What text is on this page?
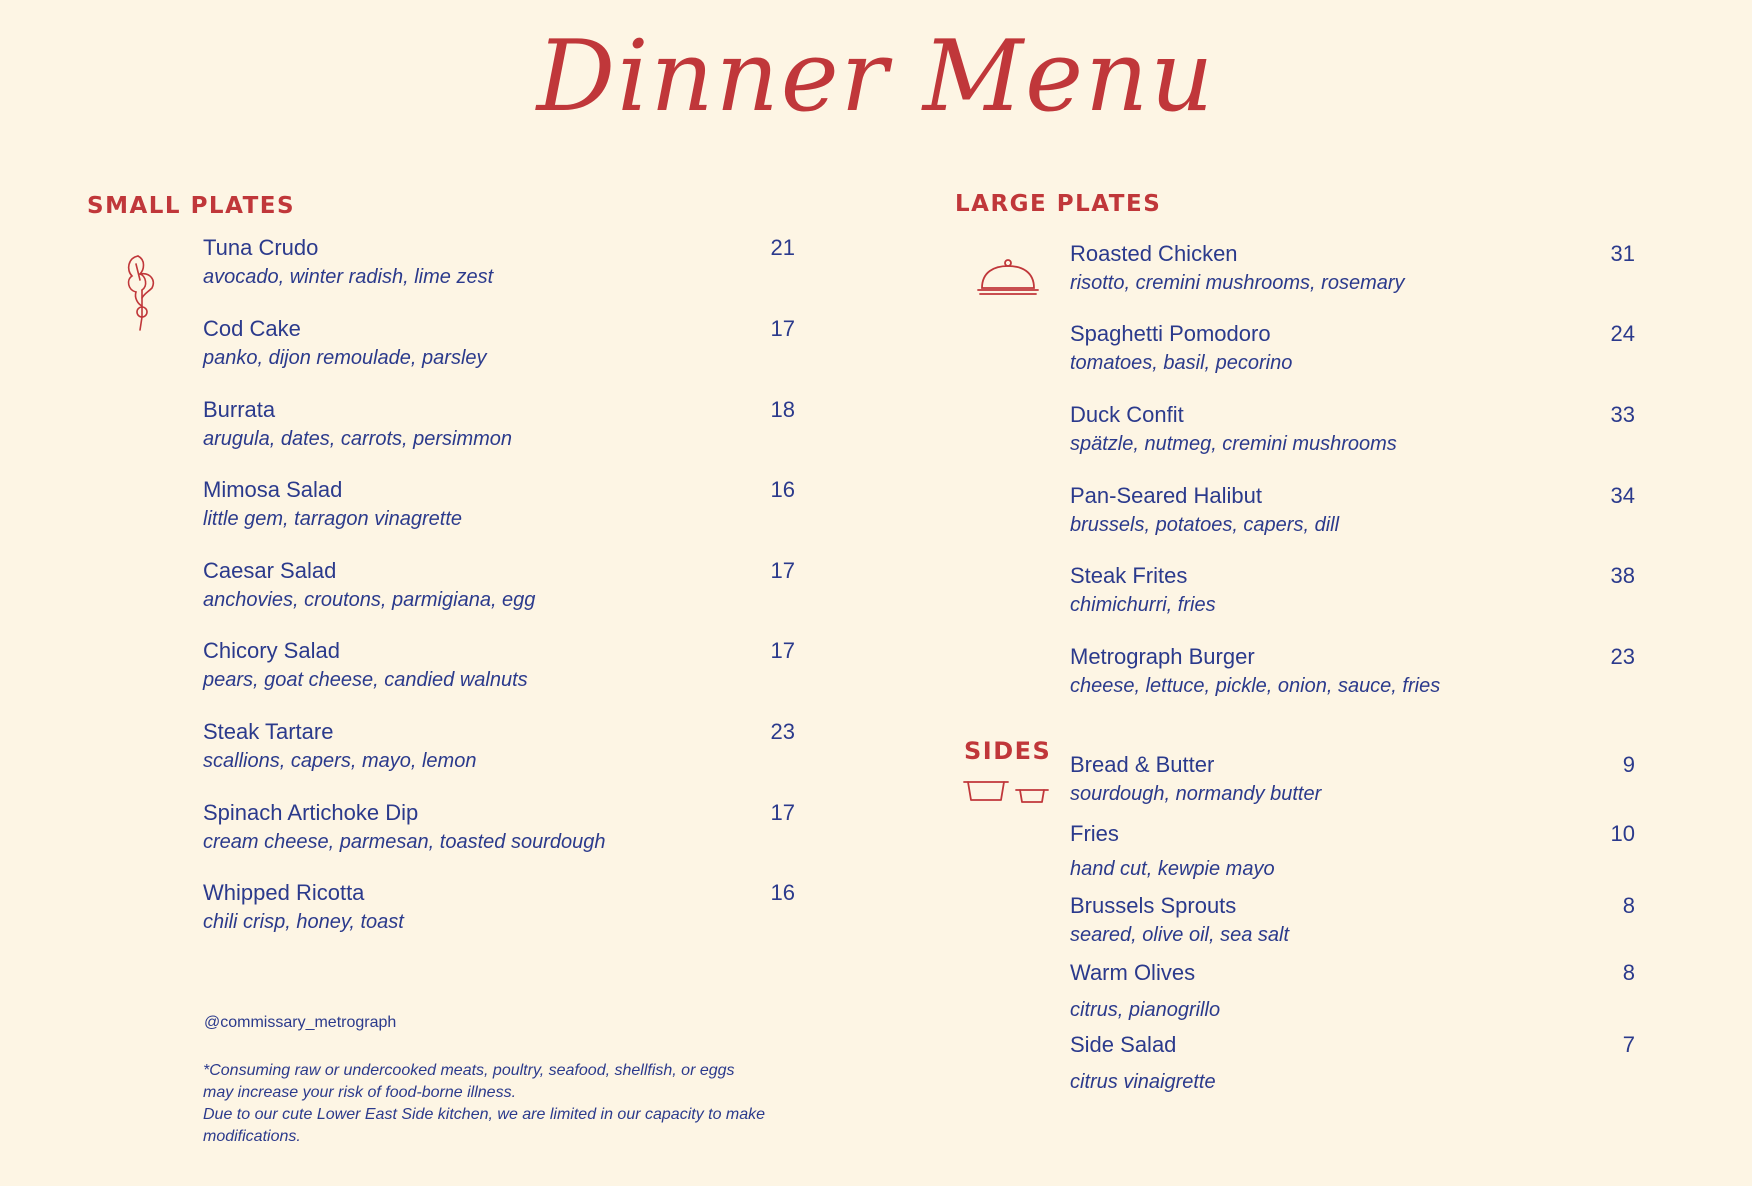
Dinner Menu
SMALL PLATES
Tuna Crudo
avocado, winter radish, lime zest
21
Cod Cake
panko, dijon remoulade, parsley
17
Burrata
arugula, dates, carrots, persimmon
18
Mimosa Salad
little gem, tarragon vinagrette
16
Caesar Salad
anchovies, croutons, parmigiana, egg
17
Chicory Salad
pears, goat cheese, candied walnuts
17
Steak Tartare
scallions, capers, mayo, lemon
23
Spinach Artichoke Dip
cream cheese, parmesan, toasted sourdough
17
Whipped Ricotta
chili crisp, honey, toast
16
@commissary_metrograph
*Consuming raw or undercooked meats, poultry, seafood, shellfish, or eggs
may increase your risk of food-borne illness.
Due to our cute Lower East Side kitchen, we are limited in our capacity to make
modifications.
LARGE PLATES
Roasted Chicken
risotto, cremini mushrooms, rosemary
31
Spaghetti Pomodoro
tomatoes, basil, pecorino
24
Duck Confit
spätzle, nutmeg, cremini mushrooms
33
Pan-Seared Halibut
brussels, potatoes, capers, dill
34
Steak Frites
chimichurri, fries
38
Metrograph Burger
cheese, lettuce, pickle, onion, sauce, fries
23
SIDES Bread & Butter
sourdough, normandy butter
9
Fries
hand cut, kewpie mayo
10
Brussels Sprouts
seared, olive oil, sea salt
8
Warm Olives
citrus, pianogrillo
8
Side Salad
citrus vinaigrette
7
